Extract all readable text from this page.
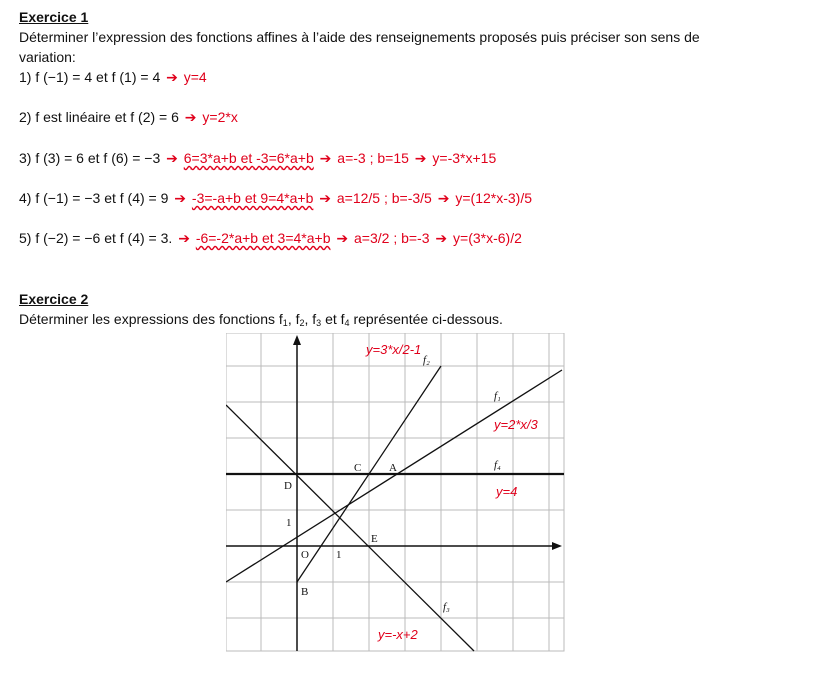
Exercice 1
Déterminer l’expression des fonctions affines à l’aide des renseignements proposés puis préciser son sens de
variation:
1) f (−1) = 4 et f (1) = 4 ➔ y=4
2) f est linéaire et f (2) = 6 ➔ y=2*x
3) f (3) = 6 et f (6) = −3 ➔ 6=3*a+b et -3=6*a+b ➔ a=-3 ; b=15 ➔ y=-3*x+15
4) f (−1) = −3 et f (4) = 9 ➔ -3=-a+b et 9=4*a+b ➔ a=12/5 ; b=-3/5 ➔ y=(12*x-3)/5
5) f (−2) = −6 et f (4) = 3. ➔ -6=-2*a+b et 3=4*a+b ➔ a=3/2 ; b=-3 ➔ y=(3*x-6)/2
Exercice 2
Déterminer les expressions des fonctions $f_1$, $f_2$, $f_3$ et $f_4$ représentée ci-dessous.
C	A
D
1
E
O 1
B
f₂
f₁
f₄
f₃
y=3*x/2-1
y=2*x/3
y=4
y=-x+2
